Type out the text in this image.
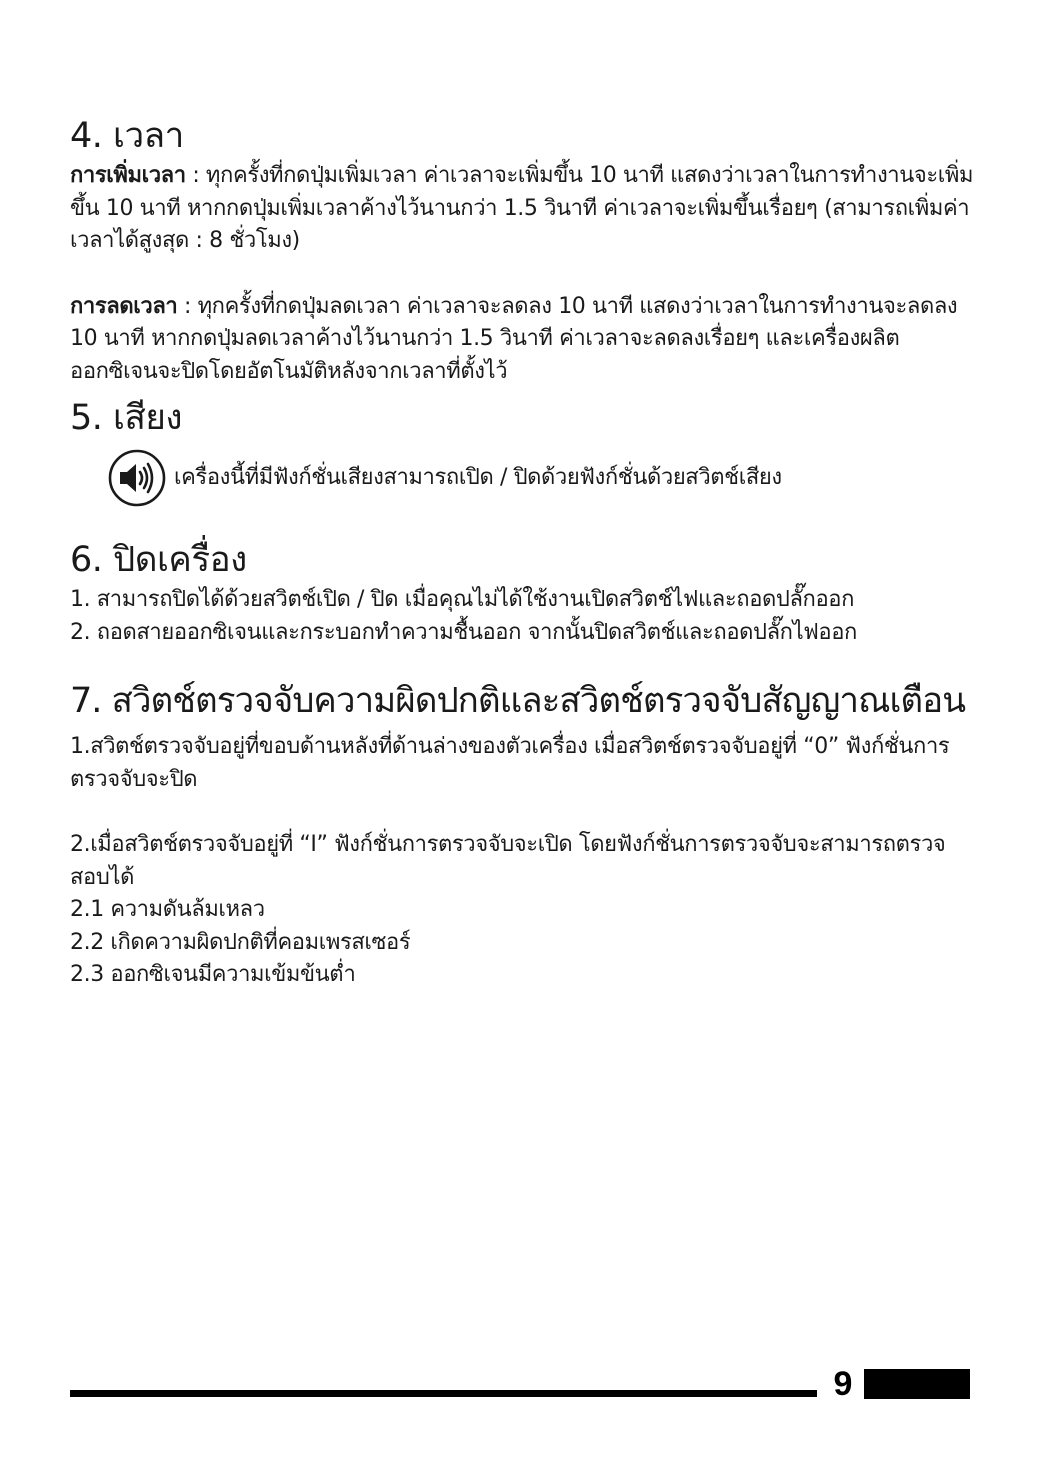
4. เวลา

การเพิ่มเวลา : ทุกครั้งที่กดปุ่มเพิ่มเวลา ค่าเวลาจะเพิ่มขึ้น 10 นาที แสดงว่าเวลาในการทำงานจะเพิ่มขึ้น 10 นาที หากกดปุ่มเพิ่มเวลาค้างไว้นานกว่า 1.5 วินาที ค่าเวลาจะเพิ่มขึ้นเรื่อยๆ (สามารถเพิ่มค่าเวลาได้สูงสุด : 8 ชั่วโมง)

การลดเวลา : ทุกครั้งที่กดปุ่มลดเวลา ค่าเวลาจะลดลง 10 นาที แสดงว่าเวลาในการทำงานจะลดลง 10 นาที หากกดปุ่มลดเวลาค้างไว้นานกว่า 1.5 วินาที ค่าเวลาจะลดลงเรื่อยๆ และเครื่องผลิตออกซิเจนจะปิดโดยอัตโนมัติหลังจากเวลาที่ตั้งไว้

5. เสียง

เครื่องนี้ที่มีฟังก์ชั่นเสียงสามารถเปิด / ปิดด้วยฟังก์ชั่นด้วยสวิตช์เสียง

6. ปิดเครื่อง

1. สามารถปิดได้ด้วยสวิตช์เปิด / ปิด เมื่อคุณไม่ได้ใช้งานเปิดสวิตช์ไฟและถอดปลั๊กออก

2. ถอดสายออกซิเจนและกระบอกทำความชื้นออก จากนั้นปิดสวิตช์และถอดปลั๊กไฟออก

7. สวิตช์ตรวจจับความผิดปกติและสวิตช์ตรวจจับสัญญาณเตือน

1.สวิตช์ตรวจจับอยู่ที่ขอบด้านหลังที่ด้านล่างของตัวเครื่อง เมื่อสวิตช์ตรวจจับอยู่ที่ “0” ฟังก์ชั่นการตรวจจับจะปิด

2.เมื่อสวิตช์ตรวจจับอยู่ที่ “I” ฟังก์ชั่นการตรวจจับจะเปิด โดยฟังก์ชั่นการตรวจจับจะสามารถตรวจสอบได้

2.1 ความดันล้มเหลว

2.2 เกิดความผิดปกติที่คอมเพรสเซอร์

2.3 ออกซิเจนมีความเข้มข้นต่ำ

9
